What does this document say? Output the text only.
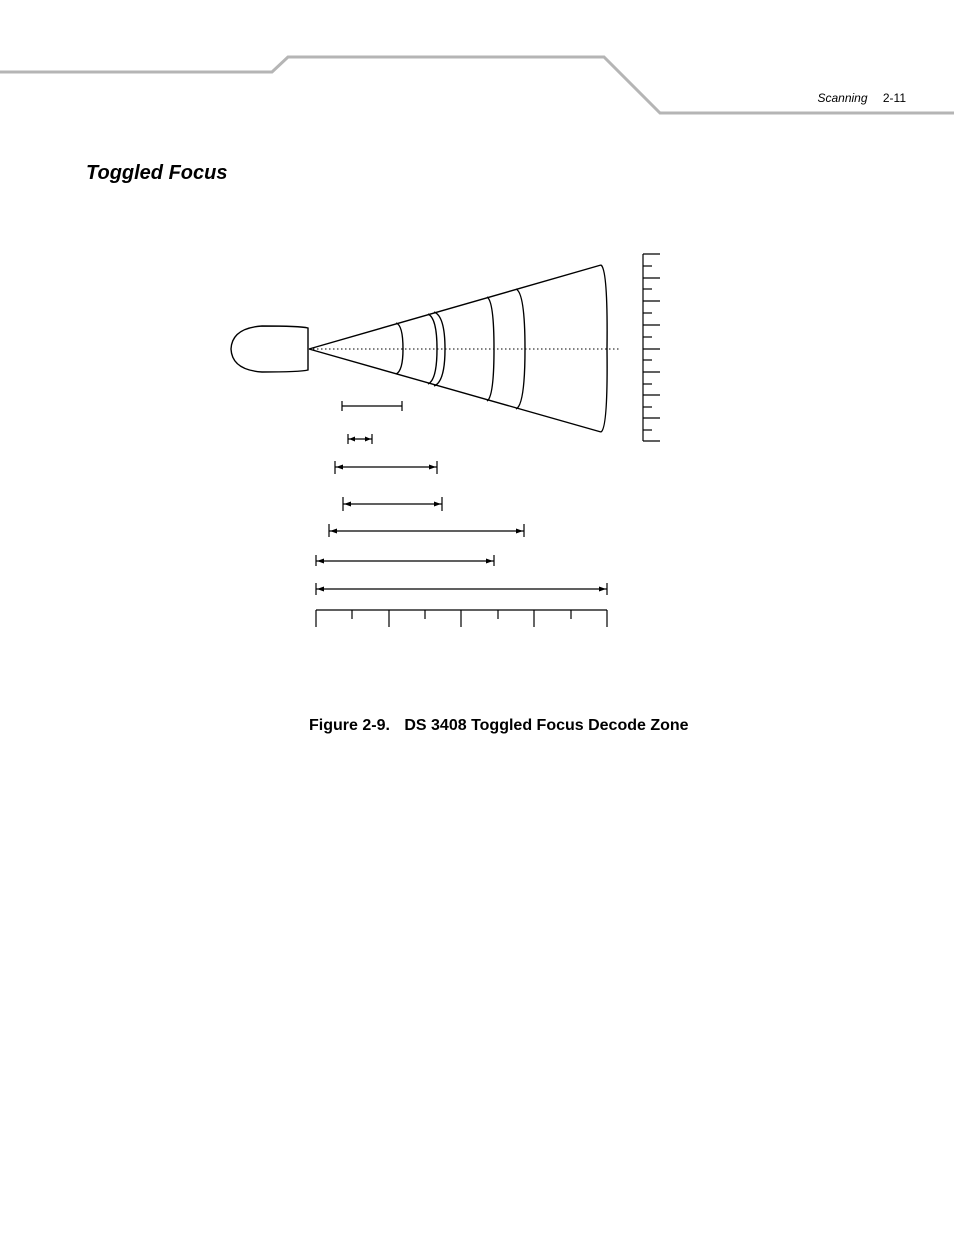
Scanning 2-11
Toggled Focus
Figure 2-9. DS 3408 Toggled Focus Decode Zone
